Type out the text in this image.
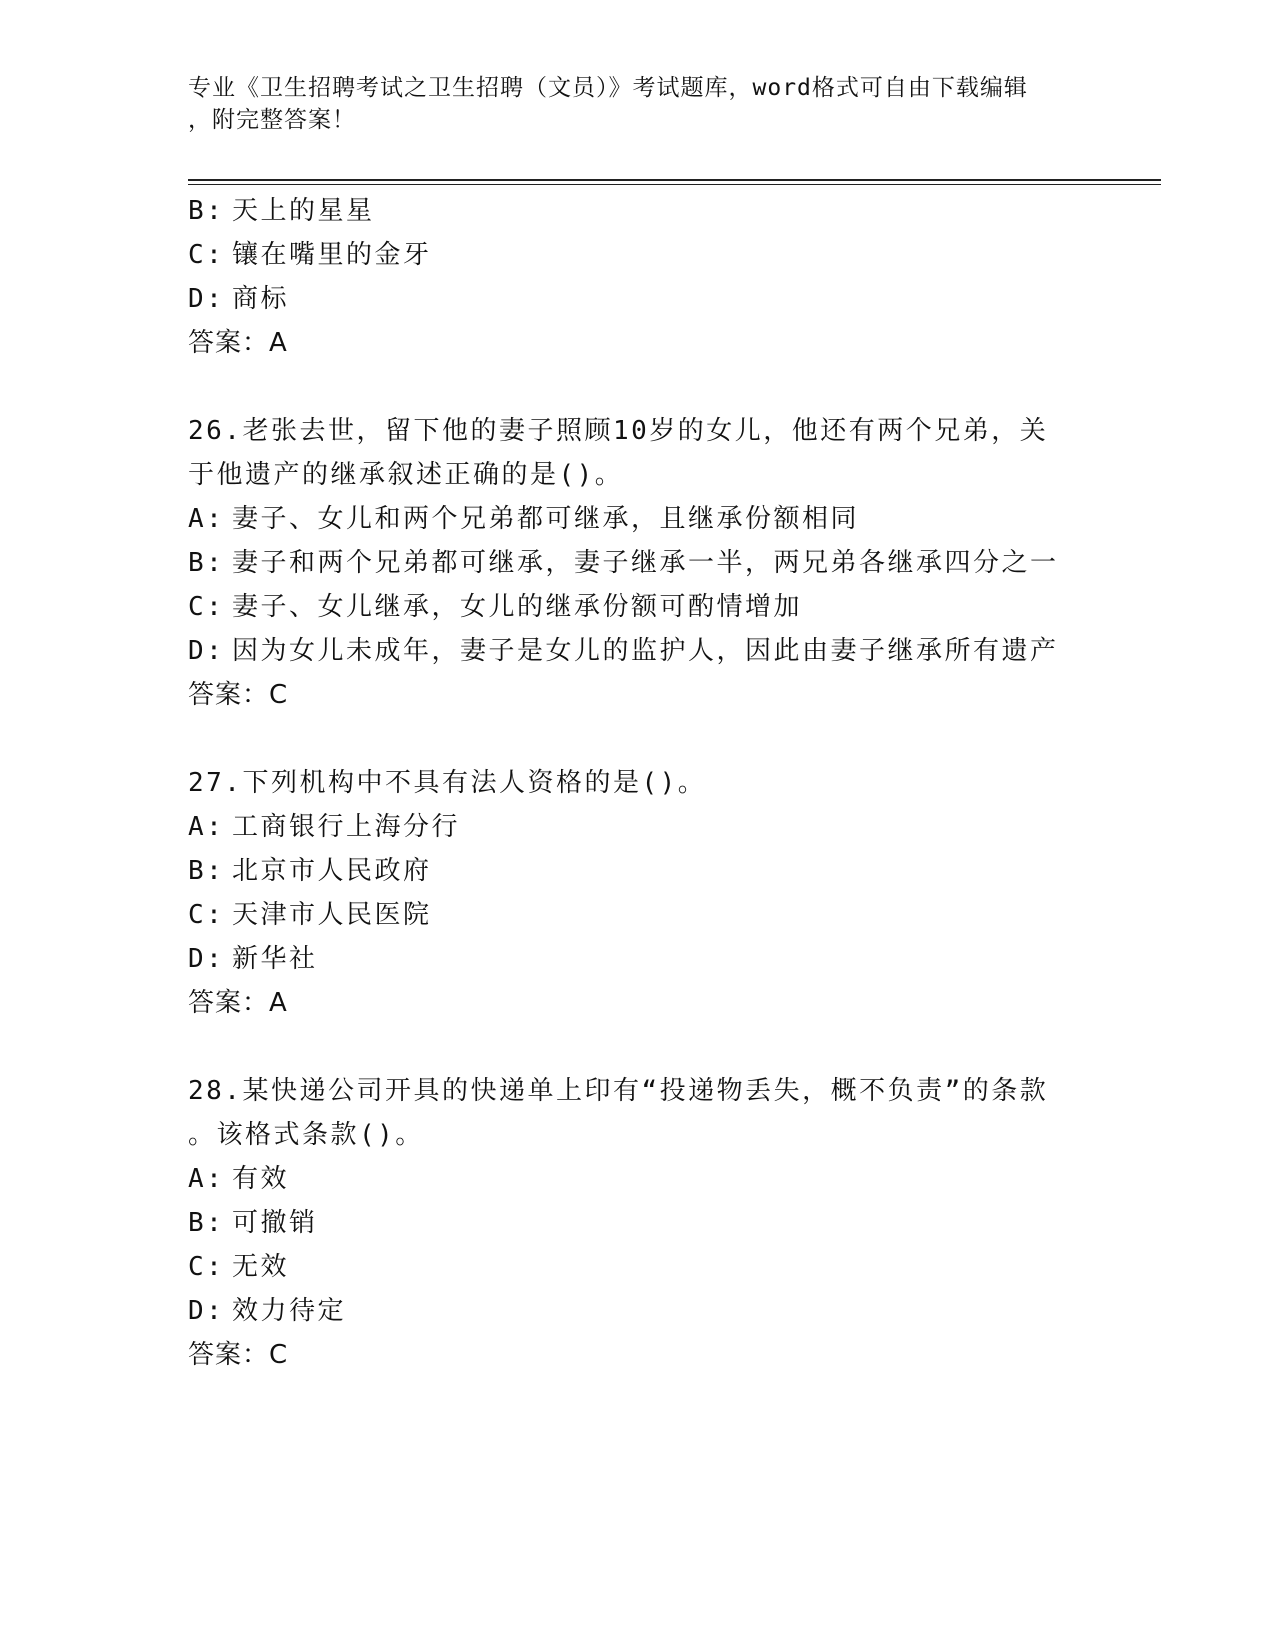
专业《卫生招聘考试之卫生招聘（文员）》考试题库，word格式可自由下载编辑
，附完整答案！
B: 天上的星星
C: 镶在嘴里的金牙
D: 商标
答案：A
26.老张去世，留下他的妻子照顾10岁的女儿，他还有两个兄弟，关
于他遗产的继承叙述正确的是()。
A: 妻子、女儿和两个兄弟都可继承，且继承份额相同
B: 妻子和两个兄弟都可继承，妻子继承一半，两兄弟各继承四分之一
C: 妻子、女儿继承，女儿的继承份额可酌情增加
D: 因为女儿未成年，妻子是女儿的监护人，因此由妻子继承所有遗产
答案：C
27.下列机构中不具有法人资格的是()。
A: 工商银行上海分行
B: 北京市人民政府
C: 天津市人民医院
D: 新华社
答案：A
28.某快递公司开具的快递单上印有“投递物丢失，概不负责”的条款
。该格式条款()。
A: 有效
B: 可撤销
C: 无效
D: 效力待定
答案：C
